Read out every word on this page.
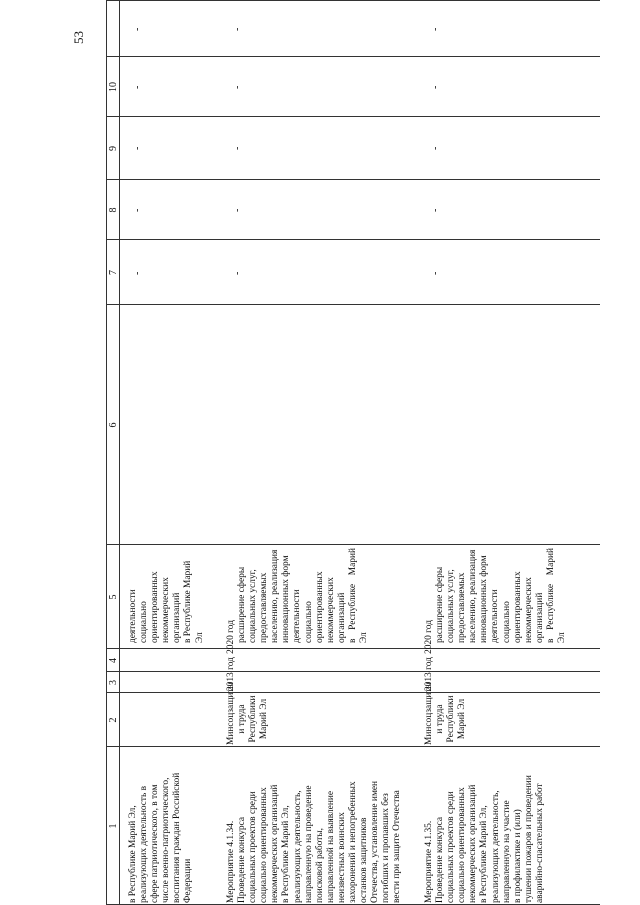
53
1
2
3
4
5
6
7
8
9
10
в Республике Марий Эл, реализующих деятельность в сфере патриотического, в том числе военно-патриотического, воспитания граждан Российской Федерации
деятельности социально ориентированных некоммерческих организаций в Республике Марий Эл
-
-
-
-
-
Мероприятие 4.1.34. Проведение конкурса социальных проектов среди социально ориентированных некоммерческих организаций в Республике Марий Эл, реализующих деятельность, направленную на проведение поисковой работы, направленной на выявление неизвестных воинских захоронений и непогребенных останков защитников Отечества, установление имен погибших и пропавших без вести при защите Отечества
Минсоцзащиты и труда Республики Марий Эл
2013 год
2020 год расширение сферы социальных услуг, предоставляемых населению, реализация инновационных форм деятельности социально ориентированных некоммерческих организаций в Республике Марий Эл
-
-
-
-
-
Мероприятие 4.1.35. Проведение конкурса социальных проектов среди социально ориентированных некоммерческих организаций в Республике Марий Эл, реализующих деятельность, направленную на участие в профилактике и (или) тушении пожаров и проведении аварийно-спасательных работ
Минсоцзащиты и труда Республики Марий Эл
2013 год
2020 год расширение сферы социальных услуг, предоставляемых населению, реализация инновационных форм деятельности социально ориентированных некоммерческих организаций в Республике Марий Эл
-
-
-
-
-
